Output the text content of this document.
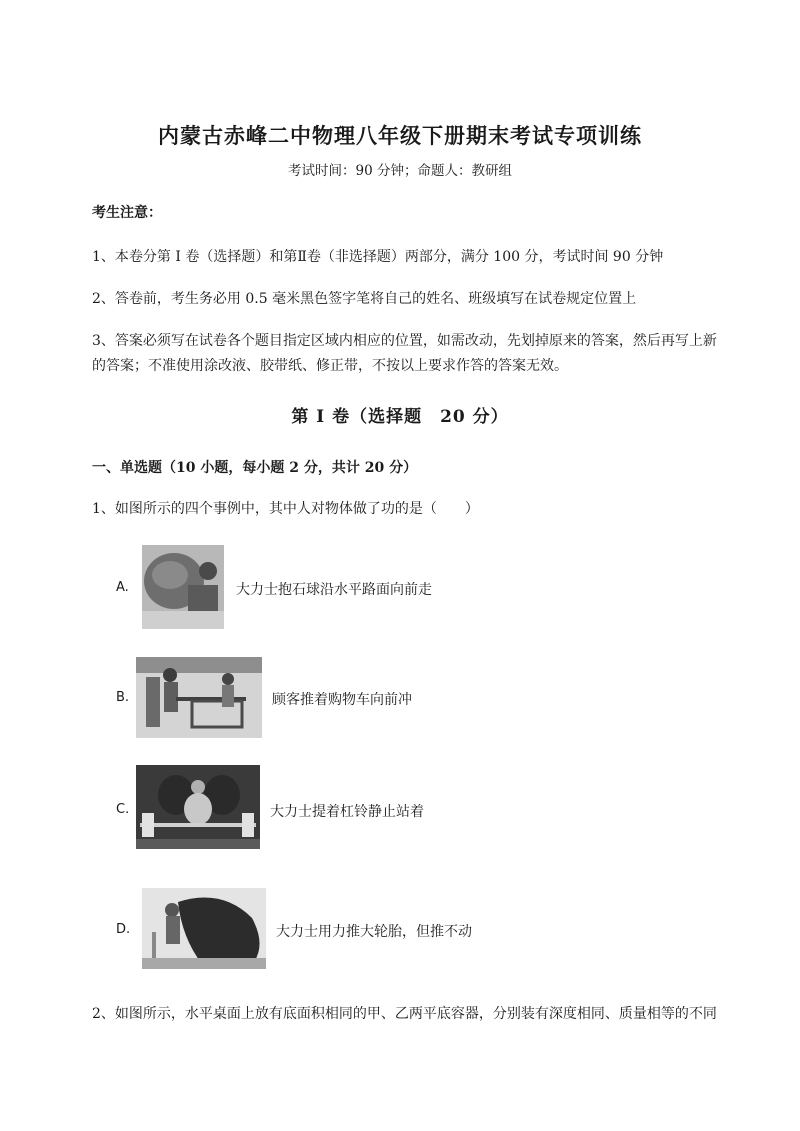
内蒙古赤峰二中物理八年级下册期末考试专项训练
考试时间：90 分钟；命题人：教研组
考生注意：
1、本卷分第 I 卷（选择题）和第Ⅱ卷（非选择题）两部分，满分 100 分，考试时间 90 分钟
2、答卷前，考生务必用 0.5 毫米黑色签字笔将自己的姓名、班级填写在试卷规定位置上
3、答案必须写在试卷各个题目指定区域内相应的位置，如需改动，先划掉原来的答案，然后再写上新
的答案；不准使用涂改液、胶带纸、修正带，不按以上要求作答的答案无效。
第 I 卷（选择题　20 分）
一、单选题（10 小题，每小题 2 分，共计 20 分）
1、如图所示的四个事例中，其中人对物体做了功的是（　　）
A.	大力士抱石球沿水平路面向前走
B.	顾客推着购物车向前冲
C.	大力士提着杠铃静止站着
D.	大力士用力推大轮胎，但推不动
2、如图所示，水平桌面上放有底面积相同的甲、乙两平底容器，分别装有深度相同、质量相等的不同
